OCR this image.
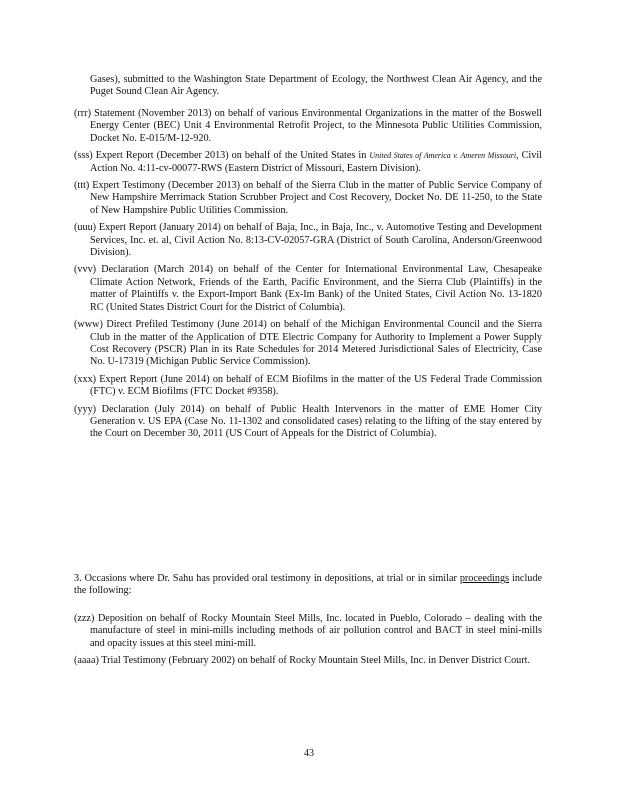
Gases), submitted to the Washington State Department of Ecology, the Northwest Clean Air Agency, and the Puget Sound Clean Air Agency.
(rrr) Statement (November 2013) on behalf of various Environmental Organizations in the matter of the Boswell Energy Center (BEC) Unit 4 Environmental Retrofit Project, to the Minnesota Public Utilities Commission, Docket No. E-015/M-12-920.
(sss) Expert Report (December 2013) on behalf of the United States in United States of America v. Ameren Missouri, Civil Action No. 4:11-cv-00077-RWS (Eastern District of Missouri, Eastern Division).
(ttt) Expert Testimony (December 2013) on behalf of the Sierra Club in the matter of Public Service Company of New Hampshire Merrimack Station Scrubber Project and Cost Recovery, Docket No. DE 11-250, to the State of New Hampshire Public Utilities Commission.
(uuu) Expert Report (January 2014) on behalf of Baja, Inc., in Baja, Inc., v. Automotive Testing and Development Services, Inc. et. al, Civil Action No. 8:13-CV-02057-GRA (District of South Carolina, Anderson/Greenwood Division).
(vvv) Declaration (March 2014) on behalf of the Center for International Environmental Law, Chesapeake Climate Action Network, Friends of the Earth, Pacific Environment, and the Sierra Club (Plaintiffs) in the matter of Plaintiffs v. the Export-Import Bank (Ex-Im Bank) of the United States, Civil Action No. 13-1820 RC (United States District Court for the District of Columbia).
(www) Direct Prefiled Testimony (June 2014) on behalf of the Michigan Environmental Council and the Sierra Club in the matter of the Application of DTE Electric Company for Authority to Implement a Power Supply Cost Recovery (PSCR) Plan in its Rate Schedules for 2014 Metered Jurisdictional Sales of Electricity, Case No. U-17319 (Michigan Public Service Commission).
(xxx) Expert Report (June 2014) on behalf of ECM Biofilms in the matter of the US Federal Trade Commission (FTC) v. ECM Biofilms (FTC Docket #9358).
(yyy) Declaration (July 2014) on behalf of Public Health Intervenors in the matter of EME Homer City Generation v. US EPA (Case No. 11-1302 and consolidated cases) relating to the lifting of the stay entered by the Court on December 30, 2011 (US Court of Appeals for the District of Columbia).
3. Occasions where Dr. Sahu has provided oral testimony in depositions, at trial or in similar proceedings include the following:
(zzz) Deposition on behalf of Rocky Mountain Steel Mills, Inc. located in Pueblo, Colorado – dealing with the manufacture of steel in mini-mills including methods of air pollution control and BACT in steel mini-mills and opacity issues at this steel mini-mill.
(aaaa) Trial Testimony (February 2002) on behalf of Rocky Mountain Steel Mills, Inc. in Denver District Court.
43
